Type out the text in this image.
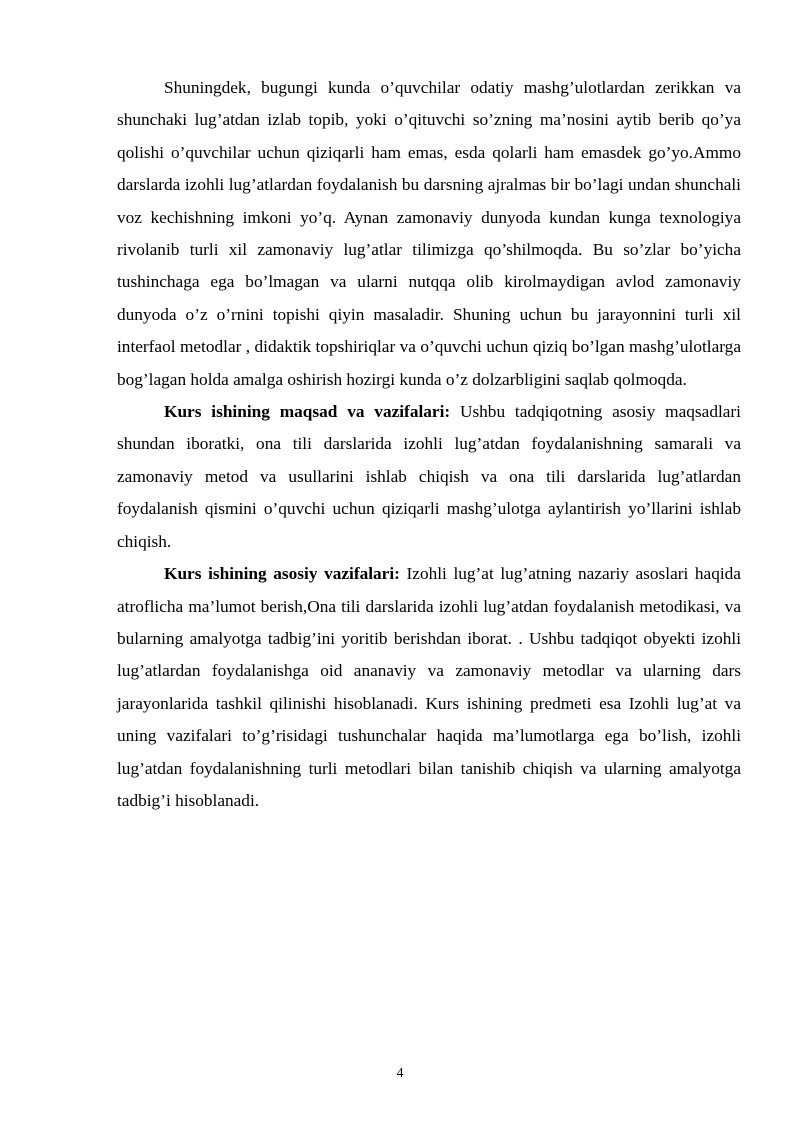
Shuningdek, bugungi kunda o’quvchilar odatiy mashg’ulotlardan zerikkan va shunchaki lug’atdan izlab topib, yoki o’qituvchi so’zning ma’nosini aytib berib qo’ya qolishi o’quvchilar uchun qiziqarli ham emas, esda qolarli ham emasdek go’yo.Ammo darslarda izohli lug’atlardan foydalanish bu darsning ajralmas bir bo’lagi undan shunchali voz kechishning imkoni yo’q. Aynan zamonaviy dunyoda kundan kunga texnologiya rivolanib turli xil zamonaviy lug’atlar tilimizga qo’shilmoqda. Bu so’zlar bo’yicha tushinchaga ega bo’lmagan va ularni nutqqa olib kirolmaydigan avlod zamonaviy dunyoda o’z o’rnini topishi qiyin masaladir. Shuning uchun bu jarayonnini turli xil interfaol metodlar , didaktik topshiriqlar va o’quvchi uchun qiziq bo’lgan mashg’ulotlarga bog’lagan holda amalga oshirish hozirgi kunda o’z dolzarbligini saqlab qolmoqda.

Kurs ishining maqsad va vazifalari: Ushbu tadqiqotning asosiy maqsadlari shundan iboratki, ona tili darslarida izohli lug’atdan foydalanishning samarali va zamonaviy metod va usullarini ishlab chiqish va ona tili darslarida lug’atlardan foydalanish qismini o’quvchi uchun qiziqarli mashg’ulotga aylantirish yo’llarini ishlab chiqish.

Kurs ishining asosiy vazifalari: Izohli lug’at lug’atning nazariy asoslari haqida atroflicha ma’lumot berish,Ona tili darslarida izohli lug’atdan foydalanish metodikasi, va bularning amalyotga tadbig’ini yoritib berishdan iborat. . Ushbu tadqiqot obyekti izohli lug’atlardan foydalanishga oid ananaviy va zamonaviy metodlar va ularning dars jarayonlarida tashkil qilinishi hisoblanadi. Kurs ishining predmeti esa Izohli lug’at va uning vazifalari to’g’risidagi tushunchalar haqida ma’lumotlarga ega bo’lish, izohli lug’atdan foydalanishning turli metodlari bilan tanishib chiqish va ularning amalyotga tadbig’i hisoblanadi.

4
